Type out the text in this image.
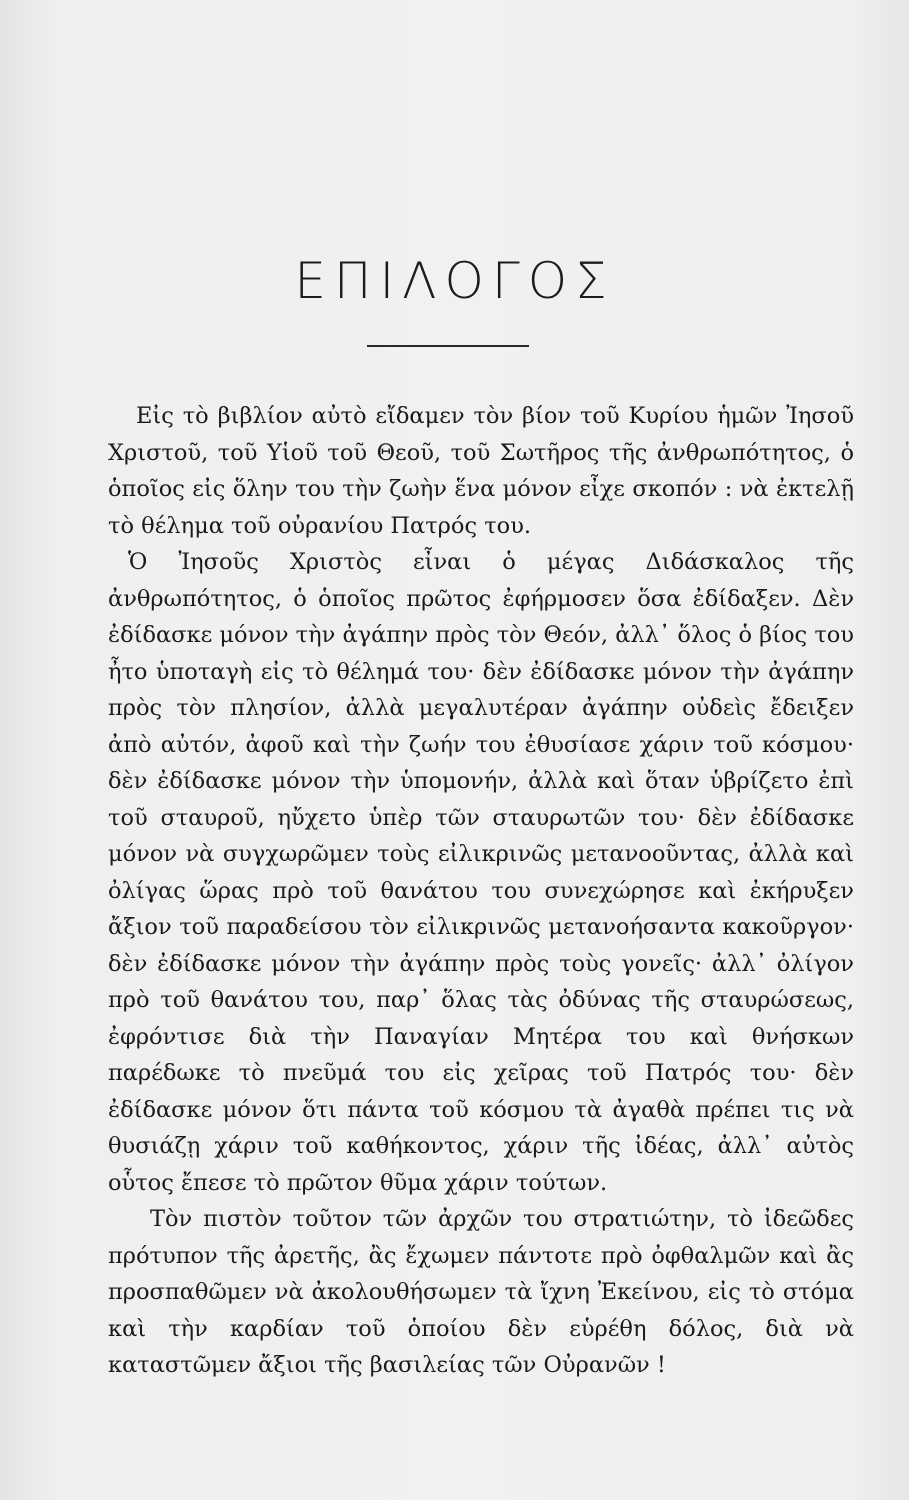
ΕΠΙΛΟΓΟΣ

Εἰς τὸ βιβλίον αὐτὸ εἴδαμεν τὸν βίον τοῦ Κυρίου ἡμῶν Ἰησοῦ Χριστοῦ, τοῦ Υἱοῦ τοῦ Θεοῦ, τοῦ Σωτῆρος τῆς ἀνθρωπότητος, ὁ ὁποῖος εἰς ὅλην του τὴν ζωὴν ἕνα μόνον εἶχε σκοπόν : νὰ ἐκτελῇ τὸ θέλημα τοῦ οὐρανίου Πατρός του.

Ὁ Ἰησοῦς Χριστὸς εἶναι ὁ μέγας Διδάσκαλος τῆς ἀνθρωπότητος, ὁ ὁποῖος πρῶτος ἐφήρμοσεν ὅσα ἐδίδαξεν. Δὲν ἐδίδασκε μόνον τὴν ἀγάπην πρὸς τὸν Θεόν, ἀλλ᾿ ὅλος ὁ βίος του ἦτο ὑποταγὴ εἰς τὸ θέλημά του· δὲν ἐδίδασκε μόνον τὴν ἀγάπην πρὸς τὸν πλησίον, ἀλλὰ μεγαλυτέραν ἀγάπην οὐδεὶς ἔδειξεν ἀπὸ αὐτόν, ἀφοῦ καὶ τὴν ζωήν του ἐθυσίασε χάριν τοῦ κόσμου· δὲν ἐδίδασκε μόνον τὴν ὑπομονήν, ἀλλὰ καὶ ὅταν ὑβρίζετο ἐπὶ τοῦ σταυροῦ, ηὔχετο ὑπὲρ τῶν σταυρωτῶν του· δὲν ἐδίδασκε μόνον νὰ συγχωρῶμεν τοὺς εἰλικρινῶς μετανοοῦντας, ἀλλὰ καὶ ὀλίγας ὥρας πρὸ τοῦ θανάτου του συνεχώρησε καὶ ἐκήρυξεν ἄξιον τοῦ παραδείσου τὸν εἰλικρινῶς μετανοήσαντα κακοῦργον· δὲν ἐδίδασκε μόνον τὴν ἀγάπην πρὸς τοὺς γονεῖς· ἀλλ᾿ ὀλίγον πρὸ τοῦ θανάτου του, παρ᾿ ὅλας τὰς ὀδύνας τῆς σταυρώσεως, ἐφρόντισε διὰ τὴν Παναγίαν Μητέρα του καὶ θνήσκων παρέδωκε τὸ πνεῦμά του εἰς χεῖρας τοῦ Πατρός του· δὲν ἐδίδασκε μόνον ὅτι πάντα τοῦ κόσμου τὰ ἀγαθὰ πρέπει τις νὰ θυσιάζῃ χάριν τοῦ καθήκοντος, χάριν τῆς ἰδέας, ἀλλ᾿ αὐτὸς οὗτος ἔπεσε τὸ πρῶτον θῦμα χάριν τούτων.

Τὸν πιστὸν τοῦτον τῶν ἀρχῶν του στρατιώτην, τὸ ἰδεῶδες πρότυπον τῆς ἀρετῆς, ἂς ἔχωμεν πάντοτε πρὸ ὀφθαλμῶν καὶ ἂς προσπαθῶμεν νὰ ἀκολουθήσωμεν τὰ ἴχνη Ἐκείνου, εἰς τὸ στόμα καὶ τὴν καρδίαν τοῦ ὁποίου δὲν εὑρέθη δόλος, διὰ νὰ καταστῶμεν ἄξιοι τῆς βασιλείας τῶν Οὐρανῶν !
